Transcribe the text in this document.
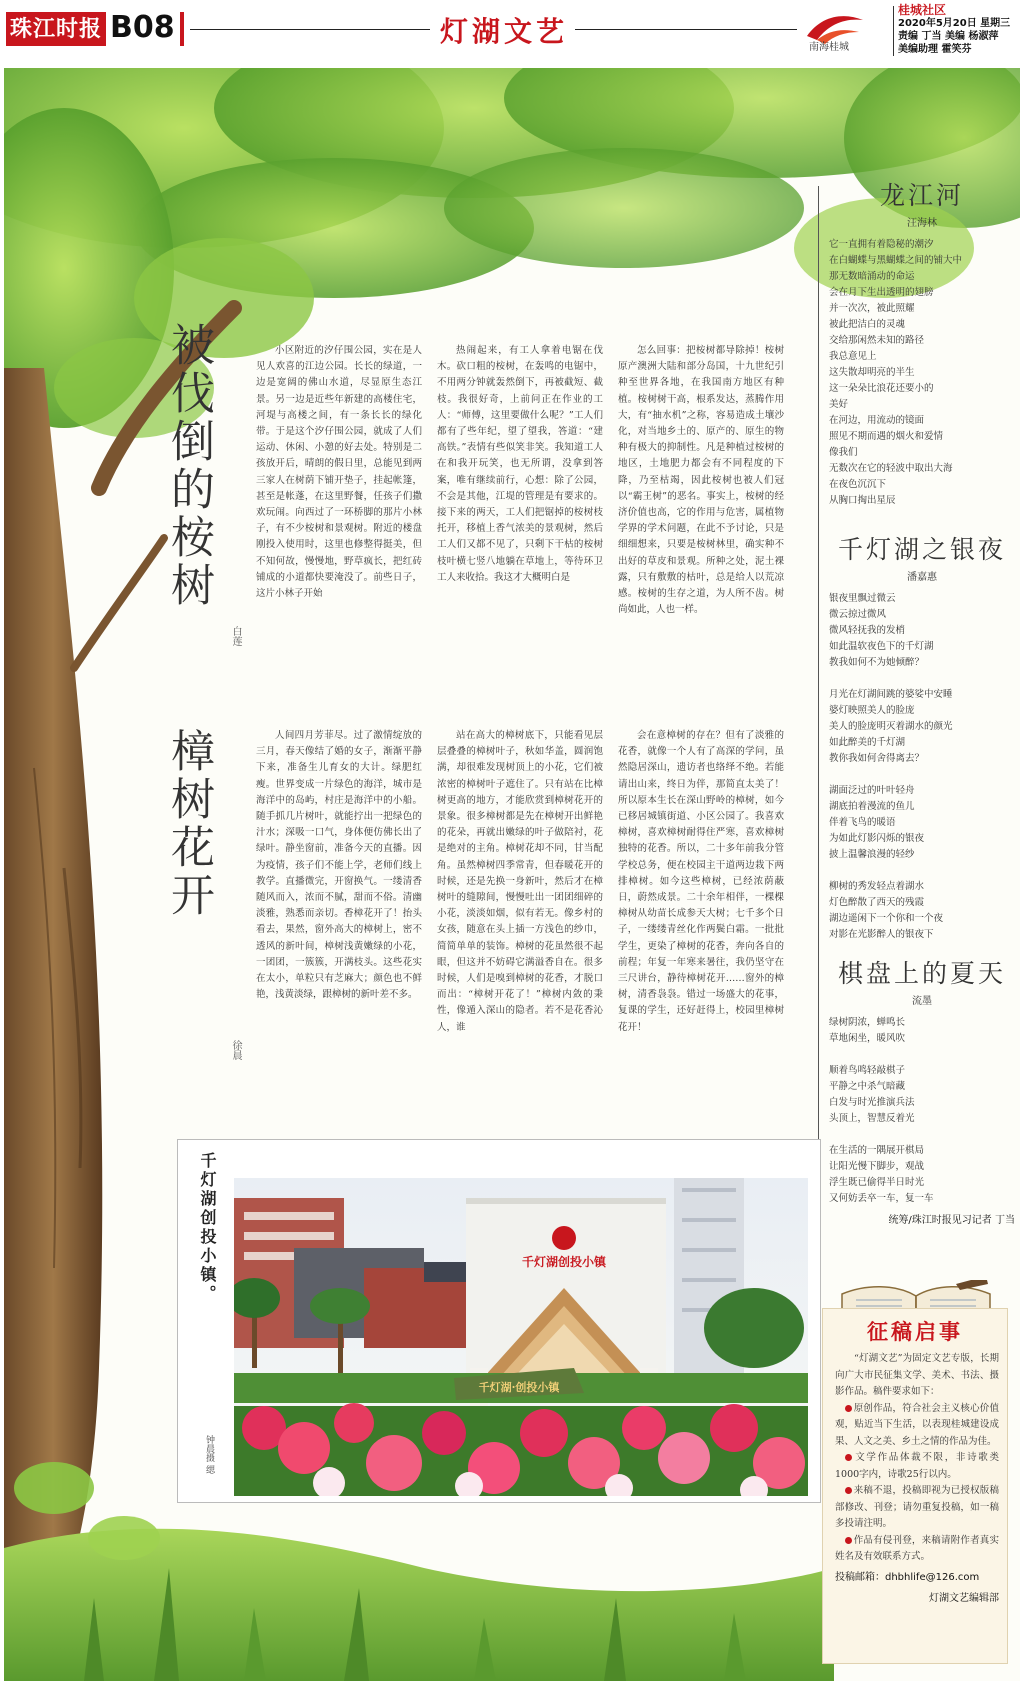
珠江时报 B08	灯湖文艺	南海桂城
桂城社区
2020年5月20日 星期三
责编 丁当 美编 杨淑萍
美编助理 霍笑芬
被伐倒的桉树
白莲

小区附近的汐仔围公园，实在是人见人欢喜的江边公园。长长的绿道，一边是宽阔的佛山水道，尽显原生态江景。另一边是近些年新建的高楼住宅，河堤与高楼之间，有一条长长的绿化带。于是这个汐仔围公园，就成了人们运动、休闲、小憩的好去处。特别是二孩放开后，晴朗的假日里，总能见到两三家人在树荫下铺开垫子，挂起帐篷，甚至是帐蓬，在这里野餐，任孩子们撒欢玩闹。向西过了一环桥脚的那片小林子，有不少桉树和景观树。附近的楼盘刚投入使用时，这里也修整得挺美，但不知何故，慢慢地，野草疯长，把红砖铺成的小道都快要淹没了。前些日子，这片小林子开始

热闹起来，有工人拿着电锯在伐木。砍口粗的桉树，在轰鸣的电锯中，不用两分钟就轰然倒下，再被截短、截枝。我很好奇，上前问正在作业的工人：“师傅，这里要做什么呢？”工人们都有了些年纪，望了望我，答道：“建高铁。”表情有些似笑非笑。我知道工人在和我开玩笑，也无所谓，没拿到答案，唯有继续前行，心想：除了公园，不会是其他，江堤的管理是有要求的。接下来的两天，工人们把锯掉的桉树枝托开，移植上香气浓美的景观树，然后工人们又都不见了，只剩下干枯的桉树枝叶横七竖八地躺在草地上，等待环卫工人来收拾。我这才大概明白是

怎么回事：把桉树都导除掉！桉树原产澳洲大陆和部分岛国，十九世纪引种至世界各地，在我国南方地区有种植。桉树树干高，根系发达，蒸腾作用大，有“抽水机”之称，容易造成土壤沙化，对当地乡土的、原产的、原生的物种有极大的抑制性。凡是种植过桉树的地区，土地肥力都会有不同程度的下降，乃至枯竭，因此桉树也被人们冠以“霸王树”的恶名。事实上，桉树的经济价值也高，它的作用与危害，属植物学界的学术问题，在此不予讨论，只是细细想来，只要是桉树林里，确实种不出好的草皮和景观。所种之处，泥土裸露，只有敷敷的枯叶，总是给人以荒凉感。桉树的生存之道，为人所不齿。树尚如此，人也一样。

樟树花开
徐晨

人间四月芳菲尽。过了激情绽放的三月，春天像结了婚的女子，渐渐平静下来，准备生儿育女的大计。绿肥红瘦。世界变成一片绿色的海洋，城市是海洋中的岛屿，村庄是海洋中的小船。随手抓几片树叶，就能拧出一把绿色的汁水；深吸一口气，身体便仿佛长出了绿叶。静坐窗前，准备今天的直播。因为疫情，孩子们不能上学，老师们线上教学。直播微完，开窗换气。一缕清香随风而入，浓而不腻，甜而不俗。清幽淡雅，熟悉而亲切。香樟花开了！抬头看去，果然，窗外高大的樟树上，密不透风的新叶间，樟树浅黄嫩绿的小花，一团团，一簇簇，开满枝头。这些花实在太小，单粒只有芝麻大；颜色也不鲜艳，浅黄淡绿，跟樟树的新叶差不多。

站在高大的樟树底下，只能看见层层叠叠的樟树叶子，秋如华盖，圆润饱满，却很难发现树顶上的小花，它们被浓密的樟树叶子遮住了。只有站在比樟树更高的地方，才能欣赏到樟树花开的景象。很多樟树都是先在樟树开出鲜艳的花朵，再就出嫩绿的叶子做陪衬，花是绝对的主角。樟树花却不同，甘当配角。虽然樟树四季常青，但春暖花开的时候，还是先换一身新叶，然后才在樟树叶的缝隙间，慢慢吐出一团团细碎的小花，淡淡如烟，似有若无。像乡村的女孩，随意在头上插一方浅色的纱巾，简简单单的装饰。樟树的花虽然很不起眼，但这并不妨碍它满溢香自在。很多时候，人们是嗅到樟树的花香，才脱口而出：“樟树开花了！”樟树内敛的秉性，像遁入深山的隐者。若不是花香沁人，谁

会在意樟树的存在？但有了淡雅的花香，就像一个人有了高深的学问，虽然隐居深山，遗访者也络绎不绝。若能请出山来，终日为伴，那简直太美了！所以原本生长在深山野岭的樟树，如今已移居城镇街道、小区公园了。我喜欢樟树，喜欢樟树耐得住严寒，喜欢樟树独特的花香。所以，二十多年前我分管学校总务，便在校园主干道两边栽下两排樟树。如今这些樟树，已经浓荫蔽日，蔚然成景。二十余年相伴，一棵棵樟树从幼苗长成参天大树；七千多个日子，一缕缕青丝化作两鬓白霜。一批批学生，更染了樟树的花香，奔向各自的前程；年复一年寒来暑往，我仍坚守在三尺讲台，静待樟树花开……窗外的樟树，清香袅袅。错过一场盛大的花事，复课的学生，还好赶得上，校园里樟树花开！

龙江河
汪海林
它一直拥有着隐秘的潮汐
在白蝴蝶与黑蝴蝶之间的铺大中
那无数暗涌动的命运
会在月下生出透明的翅膀
并一次次，被此照耀
被此把洁白的灵魂
交给那闲然未知的路径
我总意见上
这失散却明亮的半生
这一朵朵比浪花还要小的
美好
在河边，用流动的镜面
照见不期而遇的烟火和爱情
像我们
无数次在它的轻波中取出大海
在夜色沉沉下
从胸口掏出星辰
千灯湖之银夜
潘嘉惠
银夜里飘过微云
微云掠过微风
微风轻抚我的发梢
如此温软夜色下的千灯湖
教我如何不为她倾醉？
月光在灯湖间跳的婆娑中安睡
婆灯映照美人的脸庞
美人的脸庞明灭着湖水的颜光
如此醉美的千灯湖
教你我如何舍得离去？
湖面泛过的叶叶轻舟
湖底拍着漫流的鱼儿
伴着飞鸟的暖语
为如此灯影闪烁的银夜
披上温馨浪漫的轻纱
柳树的秀发轻点着湖水
灯色醉散了西天的残霞
湖边遥闲下一个你和一个夜
对影在光影醉人的银夜下
棋盘上的夏天
流墨
绿树阴浓，蝉鸣长
草地闲坐，暖风吹
顺着鸟鸣轻敲棋子
平静之中杀气暗藏
白发与时光推演兵法
头顶上，智慧反着光
在生活的一隅展开棋局
让阳光慢下脚步，观战
浮生既已偷得半日时光
又何妨丢卒一车，复一车
统筹/珠江时报见习记者 丁当
千灯湖创投小镇。
钟晨摄 缌
千灯湖创投小镇
千灯湖·创投小镇

“灯湖文艺”为固定文艺专版，长期向广大市民征集文学、美术、书法、摄影作品。稿件要求如下：

原创作品，符合社会主义核心价值观，贴近当下生活，以表现桂城建设成果、人文之美、乡土之情的作品为佳。

文学作品体裁不限，非诗歌类1000字内，诗歌25行以内。

来稿不退，投稿即视为已授权版稿部修改、刊登；请勿重复投稿，如一稿多投请注明。

作品有侵刊登，来稿请附作者真实姓名及有效联系方式。

投稿邮箱：dhbhlife@126.com
灯湖文艺编辑部
征稿启事
